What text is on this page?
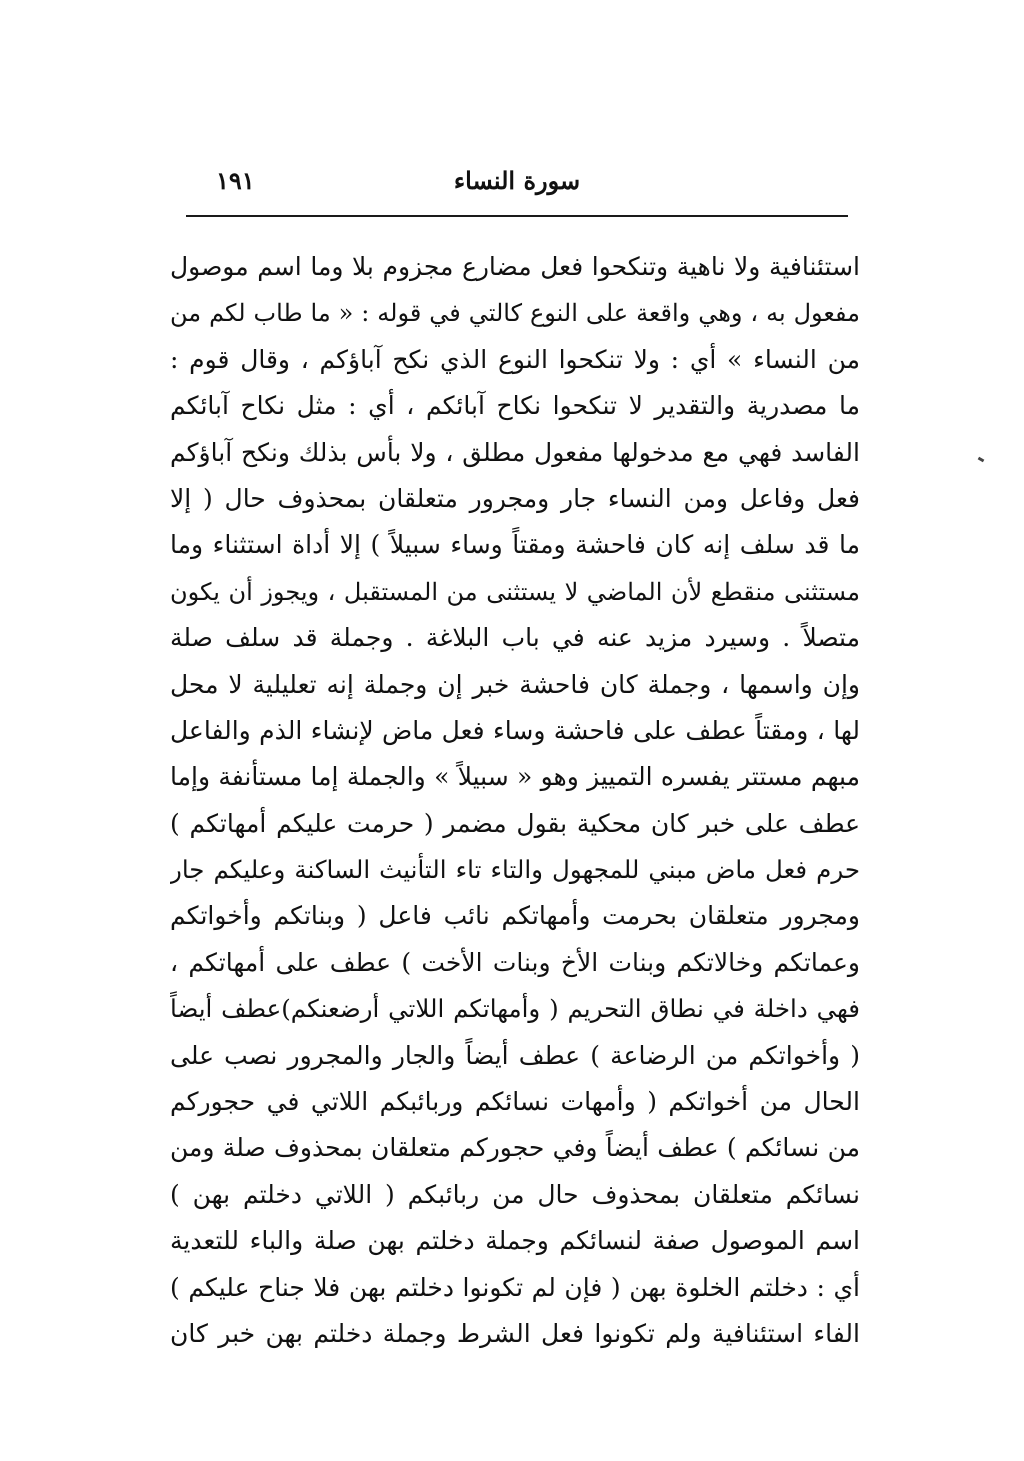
١٩١	سورة النساء
استئنافية ولا ناهية وتنكحوا فعل مضارع مجزوم بلا وما اسم موصول
مفعول به ، وهي واقعة على النوع كالتي في قوله : « ما طاب لكم من
من النساء » أي : ولا تنكحوا النوع الذي نكح آباؤكم ، وقال قوم :
ما مصدرية والتقدير لا تنكحوا نكاح آبائكم ، أي : مثل نكاح آبائكم
الفاسد فهي مع مدخولها مفعول مطلق ، ولا بأس بذلك ونكح آباؤكم
فعل وفاعل ومن النساء جار ومجرور متعلقان بمحذوف حال ( إلا
ما قد سلف إنه كان فاحشة ومقتاً وساء سبيلاً ) إلا أداة استثناء وما
مستثنى منقطع لأن الماضي لا يستثنى من المستقبل ، ويجوز أن يكون
متصلاً . وسيرد مزيد عنه في باب البلاغة . وجملة قد سلف صلة
وإن واسمها ، وجملة كان فاحشة خبر إن وجملة إنه تعليلية لا محل
لها ، ومقتاً عطف على فاحشة وساء فعل ماض لإنشاء الذم والفاعل
مبهم مستتر يفسره التمييز وهو « سبيلاً » والجملة إما مستأنفة وإما
عطف على خبر كان محكية بقول مضمر ( حرمت عليكم أمهاتكم )
حرم فعل ماض مبني للمجهول والتاء تاء التأنيث الساكنة وعليكم جار
ومجرور متعلقان بحرمت وأمهاتكم نائب فاعل ( وبناتكم وأخواتكم
وعماتكم وخالاتكم وبنات الأخ وبنات الأخت ) عطف على أمهاتكم ،
فهي داخلة في نطاق التحريم ( وأمهاتكم اللاتي أرضعنكم)عطف أيضاً
( وأخواتكم من الرضاعة ) عطف أيضاً والجار والمجرور نصب على
الحال من أخواتكم ( وأمهات نسائكم وربائبكم اللاتي في حجوركم
من نسائكم ) عطف أيضاً وفي حجوركم متعلقان بمحذوف صلة ومن
نسائكم متعلقان بمحذوف حال من ربائبكم ( اللاتي دخلتم بهن )
اسم الموصول صفة لنسائكم وجملة دخلتم بهن صلة والباء للتعدية
أي : دخلتم الخلوة بهن ( فإن لم تكونوا دخلتم بهن فلا جناح عليكم )
الفاء استئنافية ولم تكونوا فعل الشرط وجملة دخلتم بهن خبر كان
